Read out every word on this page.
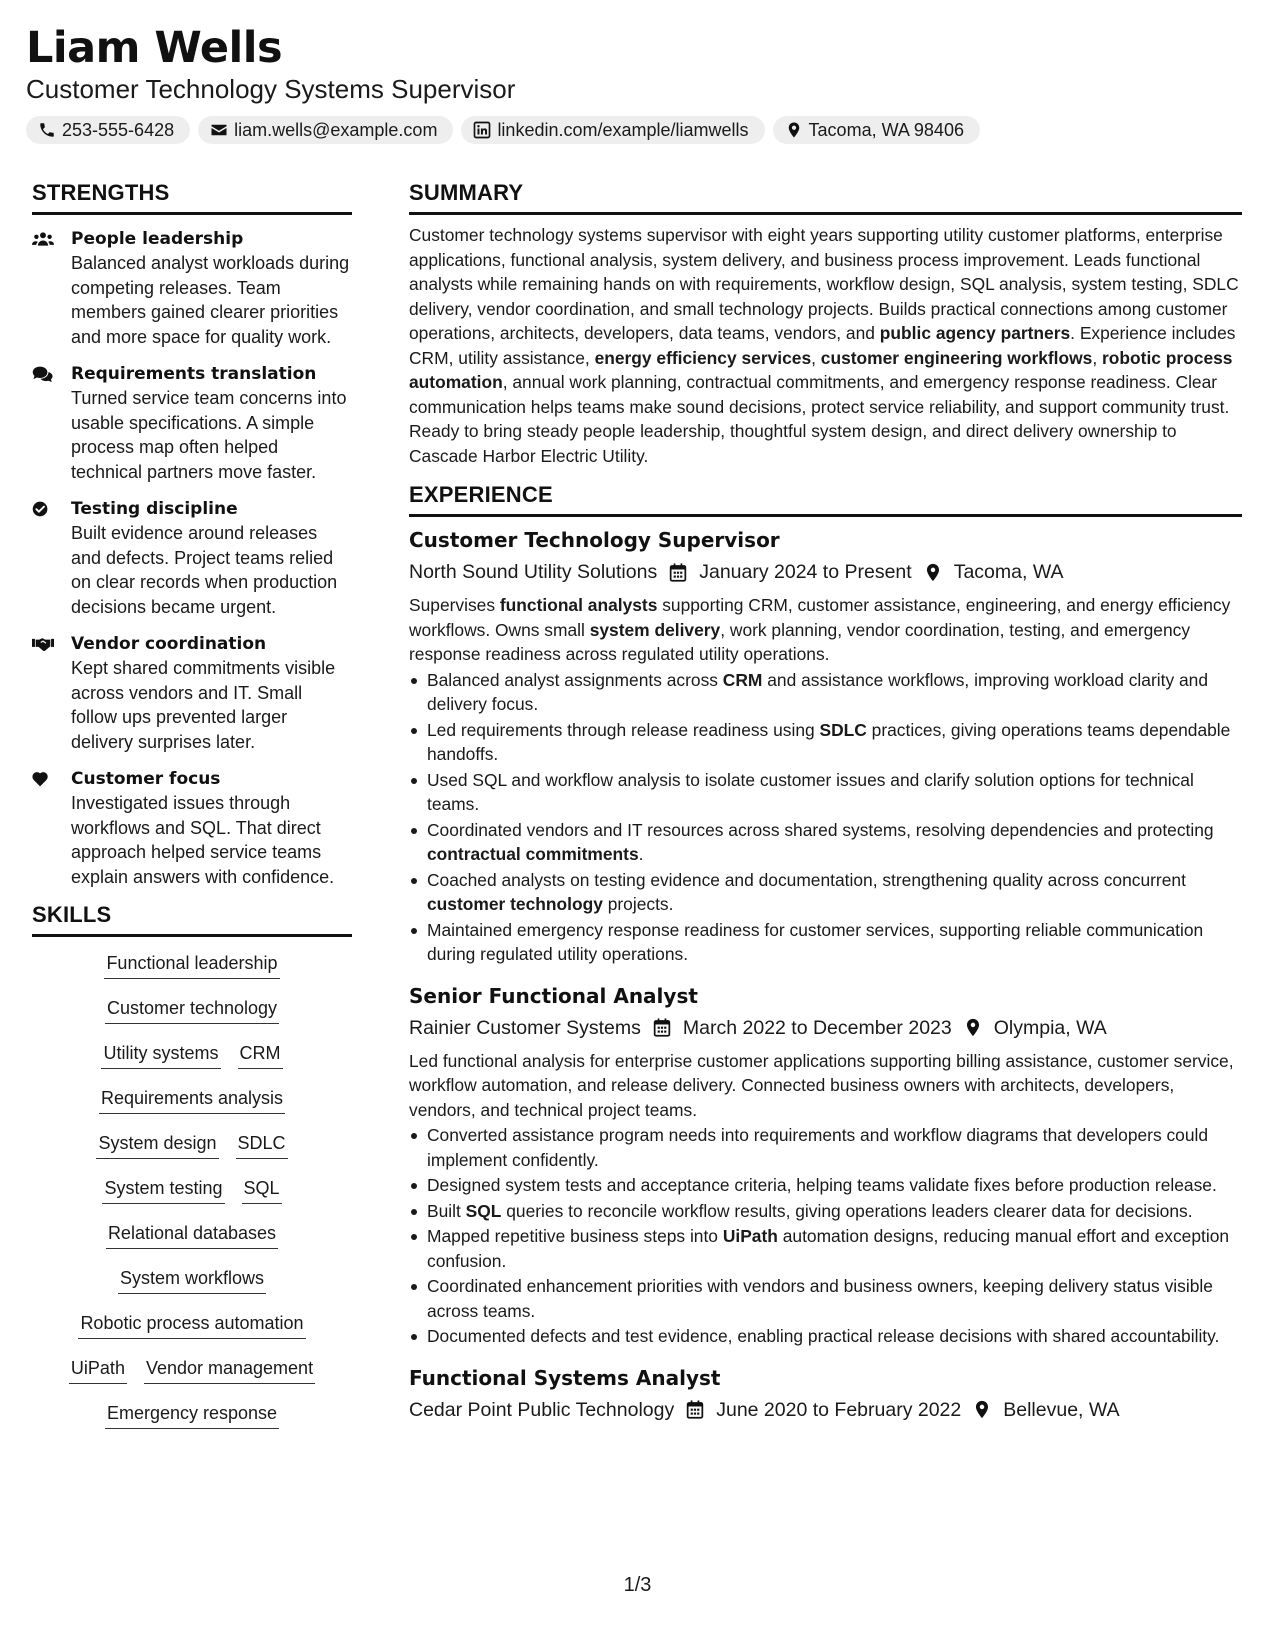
Liam Wells
Customer Technology Systems Supervisor
253-555-6428	liam.wells@example.com	linkedin.com/example/liamwells	Tacoma, WA 98406
STRENGTHS
People leadership
Balanced analyst workloads during competing releases. Team members gained clearer priorities and more space for quality work.
Requirements translation
Turned service team concerns into usable specifications. A simple process map often helped technical partners move faster.
Testing discipline
Built evidence around releases and defects. Project teams relied on clear records when production decisions became urgent.
Vendor coordination
Kept shared commitments visible across vendors and IT. Small follow ups prevented larger delivery surprises later.
Customer focus
Investigated issues through workflows and SQL. That direct approach helped service teams explain answers with confidence.
SKILLS
Functional leadership
Customer technology
Utility systems CRM
Requirements analysis
System design SDLC
System testing SQL
Relational databases
System workflows
Robotic process automation
UiPath Vendor management
Emergency response
SUMMARY
Customer technology systems supervisor with eight years supporting utility customer platforms, enterprise applications, functional analysis, system delivery, and business process improvement. Leads functional analysts while remaining hands on with requirements, workflow design, SQL analysis, system testing, SDLC delivery, vendor coordination, and small technology projects. Builds practical connections among customer operations, architects, developers, data teams, vendors, and public agency partners. Experience includes CRM, utility assistance, energy efficiency services, customer engineering workflows, robotic process automation, annual work planning, contractual commitments, and emergency response readiness. Clear communication helps teams make sound decisions, protect service reliability, and support community trust. Ready to bring steady people leadership, thoughtful system design, and direct delivery ownership to Cascade Harbor Electric Utility.
EXPERIENCE
Customer Technology Supervisor
North Sound Utility Solutions January 2024 to Present Tacoma, WA
Supervises functional analysts supporting CRM, customer assistance, engineering, and energy efficiency workflows. Owns small system delivery, work planning, vendor coordination, testing, and emergency response readiness across regulated utility operations.
Balanced analyst assignments across CRM and assistance workflows, improving workload clarity and delivery focus.
Led requirements through release readiness using SDLC practices, giving operations teams dependable handoffs.
Used SQL and workflow analysis to isolate customer issues and clarify solution options for technical teams.
Coordinated vendors and IT resources across shared systems, resolving dependencies and protecting contractual commitments.
Coached analysts on testing evidence and documentation, strengthening quality across concurrent customer technology projects.
Maintained emergency response readiness for customer services, supporting reliable communication during regulated utility operations.
Senior Functional Analyst
Rainier Customer Systems March 2022 to December 2023 Olympia, WA
Led functional analysis for enterprise customer applications supporting billing assistance, customer service, workflow automation, and release delivery. Connected business owners with architects, developers, vendors, and technical project teams.
Converted assistance program needs into requirements and workflow diagrams that developers could implement confidently.
Designed system tests and acceptance criteria, helping teams validate fixes before production release.
Built SQL queries to reconcile workflow results, giving operations leaders clearer data for decisions.
Mapped repetitive business steps into UiPath automation designs, reducing manual effort and exception confusion.
Coordinated enhancement priorities with vendors and business owners, keeping delivery status visible across teams.
Documented defects and test evidence, enabling practical release decisions with shared accountability.
Functional Systems Analyst
Cedar Point Public Technology June 2020 to February 2022 Bellevue, WA
1/3
